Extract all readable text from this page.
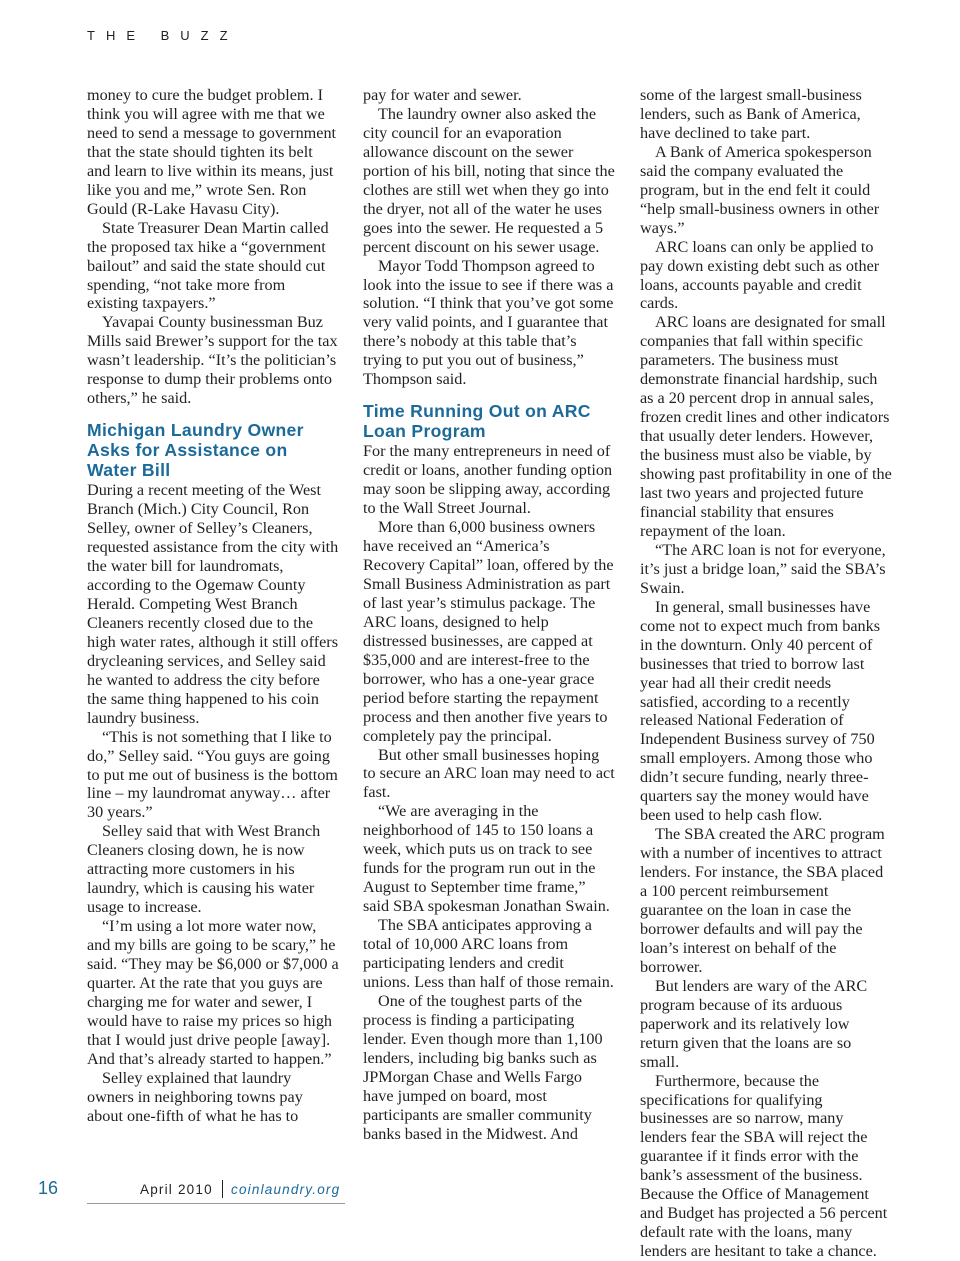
THE BUZZ

money to cure the budget problem. I think you will agree with me that we need to send a message to government that the state should tighten its belt and learn to live within its means, just like you and me,” wrote Sen. Ron Gould (R-Lake Havasu City).

State Treasurer Dean Martin called the proposed tax hike a “government bailout” and said the state should cut spending, “not take more from existing taxpayers.”

Yavapai County businessman Buz Mills said Brewer’s support for the tax wasn’t leadership. “It’s the politician’s response to dump their problems onto others,” he said.

Michigan Laundry Owner Asks for Assistance on Water Bill

During a recent meeting of the West Branch (Mich.) City Council, Ron Selley, owner of Selley’s Cleaners, requested assistance from the city with the water bill for laundromats, according to the Ogemaw County Herald. Competing West Branch Cleaners recently closed due to the high water rates, although it still offers drycleaning services, and Selley said he wanted to address the city before the same thing happened to his coin laundry business.

“This is not something that I like to do,” Selley said. “You guys are going to put me out of business is the bottom line – my laundromat anyway… after 30 years.”

Selley said that with West Branch Cleaners closing down, he is now attracting more customers in his laundry, which is causing his water usage to increase.

“I’m using a lot more water now, and my bills are going to be scary,” he said. “They may be $6,000 or $7,000 a quarter. At the rate that you guys are charging me for water and sewer, I would have to raise my prices so high that I would just drive people [away]. And that’s already started to happen.”

Selley explained that laundry owners in neighboring towns pay about one-fifth of what he has to

pay for water and sewer.

The laundry owner also asked the city council for an evaporation allowance discount on the sewer portion of his bill, noting that since the clothes are still wet when they go into the dryer, not all of the water he uses goes into the sewer. He requested a 5 percent discount on his sewer usage.

Mayor Todd Thompson agreed to look into the issue to see if there was a solution. “I think that you’ve got some very valid points, and I guarantee that there’s nobody at this table that’s trying to put you out of business,” Thompson said.

Time Running Out on ARC Loan Program

For the many entrepreneurs in need of credit or loans, another funding option may soon be slipping away, according to the Wall Street Journal.

More than 6,000 business owners have received an “America’s Recovery Capital” loan, offered by the Small Business Administration as part of last year’s stimulus package. The ARC loans, designed to help distressed businesses, are capped at $35,000 and are interest-free to the borrower, who has a one-year grace period before starting the repayment process and then another five years to completely pay the principal.

But other small businesses hoping to secure an ARC loan may need to act fast.

“We are averaging in the neighborhood of 145 to 150 loans a week, which puts us on track to see funds for the program run out in the August to September time frame,” said SBA spokesman Jonathan Swain.

The SBA anticipates approving a total of 10,000 ARC loans from participating lenders and credit unions. Less than half of those remain.

One of the toughest parts of the process is finding a participating lender. Even though more than 1,100 lenders, including big banks such as JPMorgan Chase and Wells Fargo have jumped on board, most participants are smaller community banks based in the Midwest. And

some of the largest small-business lenders, such as Bank of America, have declined to take part.

A Bank of America spokesperson said the company evaluated the program, but in the end felt it could “help small-business owners in other ways.”

ARC loans can only be applied to pay down existing debt such as other loans, accounts payable and credit cards.

ARC loans are designated for small companies that fall within specific parameters. The business must demonstrate financial hardship, such as a 20 percent drop in annual sales, frozen credit lines and other indicators that usually deter lenders. However, the business must also be viable, by showing past profitability in one of the last two years and projected future financial stability that ensures repayment of the loan.

“The ARC loan is not for everyone, it’s just a bridge loan,” said the SBA’s Swain.

In general, small businesses have come not to expect much from banks in the downturn. Only 40 percent of businesses that tried to borrow last year had all their credit needs satisfied, according to a recently released National Federation of Independent Business survey of 750 small employers. Among those who didn’t secure funding, nearly three-quarters say the money would have been used to help cash flow.

The SBA created the ARC program with a number of incentives to attract lenders. For instance, the SBA placed a 100 percent reimbursement guarantee on the loan in case the borrower defaults and will pay the loan’s interest on behalf of the borrower.

But lenders are wary of the ARC program because of its arduous paperwork and its relatively low return given that the loans are so small.

Furthermore, because the specifications for qualifying businesses are so narrow, many lenders fear the SBA will reject the guarantee if it finds error with the bank’s assessment of the business. Because the Office of Management and Budget has projected a 56 percent default rate with the loans, many lenders are hesitant to take a chance.

16	April 2010 coinlaundry.org
